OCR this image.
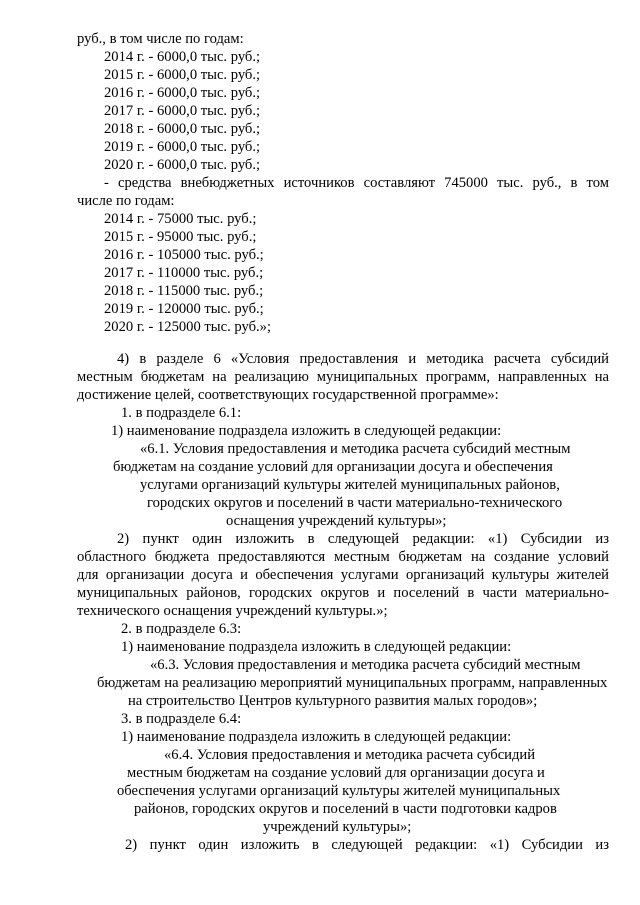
руб., в том числе по годам:
2014 г. - 6000,0 тыс. руб.;
2015 г. - 6000,0 тыс. руб.;
2016 г. - 6000,0 тыс. руб.;
2017 г. - 6000,0 тыс. руб.;
2018 г. - 6000,0 тыс. руб.;
2019 г. - 6000,0 тыс. руб.;
2020 г. - 6000,0 тыс. руб.;
- средства внебюджетных источников составляют 745000 тыс. руб., в том
числе по годам:
2014 г. - 75000 тыс. руб.;
2015 г. - 95000 тыс. руб.;
2016 г. - 105000 тыс. руб.;
2017 г. - 110000 тыс. руб.;
2018 г. - 115000 тыс. руб.;
2019 г. - 120000 тыс. руб.;
2020 г. - 125000 тыс. руб.»;
4) в разделе 6 «Условия предоставления и методика расчета субсидий
местным бюджетам на реализацию муниципальных программ, направленных на
достижение целей, соответствующих государственной программе»:
1. в подразделе 6.1:
1) наименование подраздела изложить в следующей редакции:
«6.1. Условия предоставления и методика расчета субсидий местным
бюджетам на создание условий для организации досуга и обеспечения
услугами организаций культуры жителей муниципальных районов,
городских округов и поселений в части материально-технического
оснащения учреждений культуры»;
2) пункт один изложить в следующей редакции: «1) Субсидии из
областного бюджета предоставляются местным бюджетам на создание условий
для организации досуга и обеспечения услугами организаций культуры жителей
муниципальных районов, городских округов и поселений в части материально-
технического оснащения учреждений культуры.»;
2. в подразделе 6.3:
1) наименование подраздела изложить в следующей редакции:
«6.3. Условия предоставления и методика расчета субсидий местным
бюджетам на реализацию мероприятий муниципальных программ, направленных
на строительство Центров культурного развития малых городов»;
3. в подразделе 6.4:
1) наименование подраздела изложить в следующей редакции:
«6.4. Условия предоставления и методика расчета субсидий
местным бюджетам на создание условий для организации досуга и
обеспечения услугами организаций культуры жителей муниципальных
районов, городских округов и поселений в части подготовки кадров
учреждений культуры»;
2) пункт один изложить в следующей редакции: «1) Субсидии из
